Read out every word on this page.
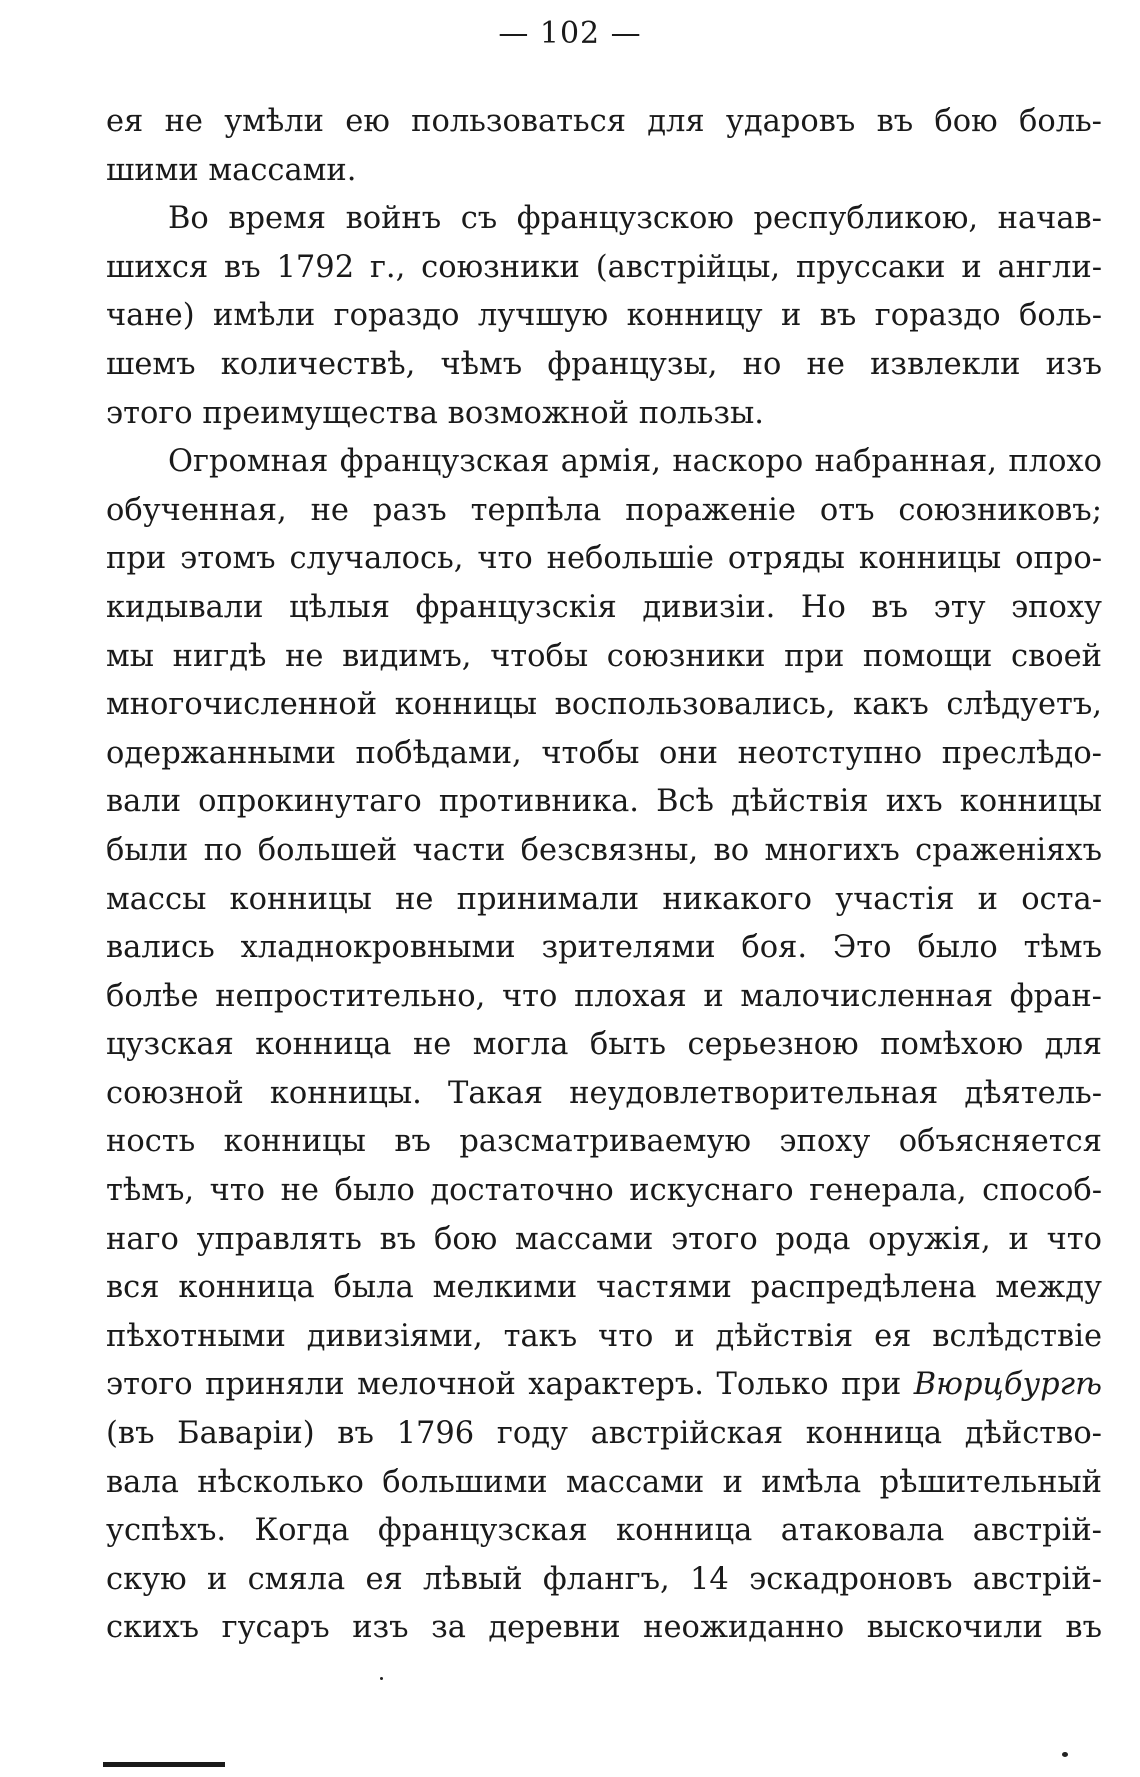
— 102 —
ея не умѣли ею пользоваться для ударовъ въ бою боль-
шими массами.
Во время войнъ съ французскою республикою, начав-
шихся въ 1792 г., союзники (австрійцы, пруссаки и англи-
чане) имѣли гораздо лучшую конницу и въ гораздо боль-
шемъ количествѣ, чѣмъ французы, но не извлекли изъ
этого преимущества возможной пользы.
Огромная французская армія, наскоро набранная, плохо
обученная, не разъ терпѣла пораженіе отъ союзниковъ;
при этомъ случалось, что небольшіе отряды конницы опро-
кидывали цѣлыя французскія дивизіи. Но въ эту эпоху
мы нигдѣ не видимъ, чтобы союзники при помощи своей
многочисленной конницы воспользовались, какъ слѣдуетъ,
одержанными побѣдами, чтобы они неотступно преслѣдо-
вали опрокинутаго противника. Всѣ дѣйствія ихъ конницы
были по большей части безсвязны, во многихъ сраженіяхъ
массы конницы не принимали никакого участія и оста-
вались хладнокровными зрителями боя. Это было тѣмъ
болѣе непростительно, что плохая и малочисленная фран-
цузская конница не могла быть серьезною помѣхою для
союзной конницы. Такая неудовлетворительная дѣятель-
ность конницы въ разсматриваемую эпоху объясняется
тѣмъ, что не было достаточно искуснаго генерала, способ-
наго управлять въ бою массами этого рода оружія, и что
вся конница была мелкими частями распредѣлена между
пѣхотными дивизіями, такъ что и дѣйствія ея вслѣдствіе
этого приняли мелочной характеръ. Только при Вюрцбургѣ
(въ Баваріи) въ 1796 году австрійская конница дѣйство-
вала нѣсколько большими массами и имѣла рѣшительный
успѣхъ. Когда французская конница атаковала австрій-
скую и смяла ея лѣвый флангъ, 14 эскадроновъ австрій-
скихъ гусаръ изъ за деревни неожиданно выскочили въ
